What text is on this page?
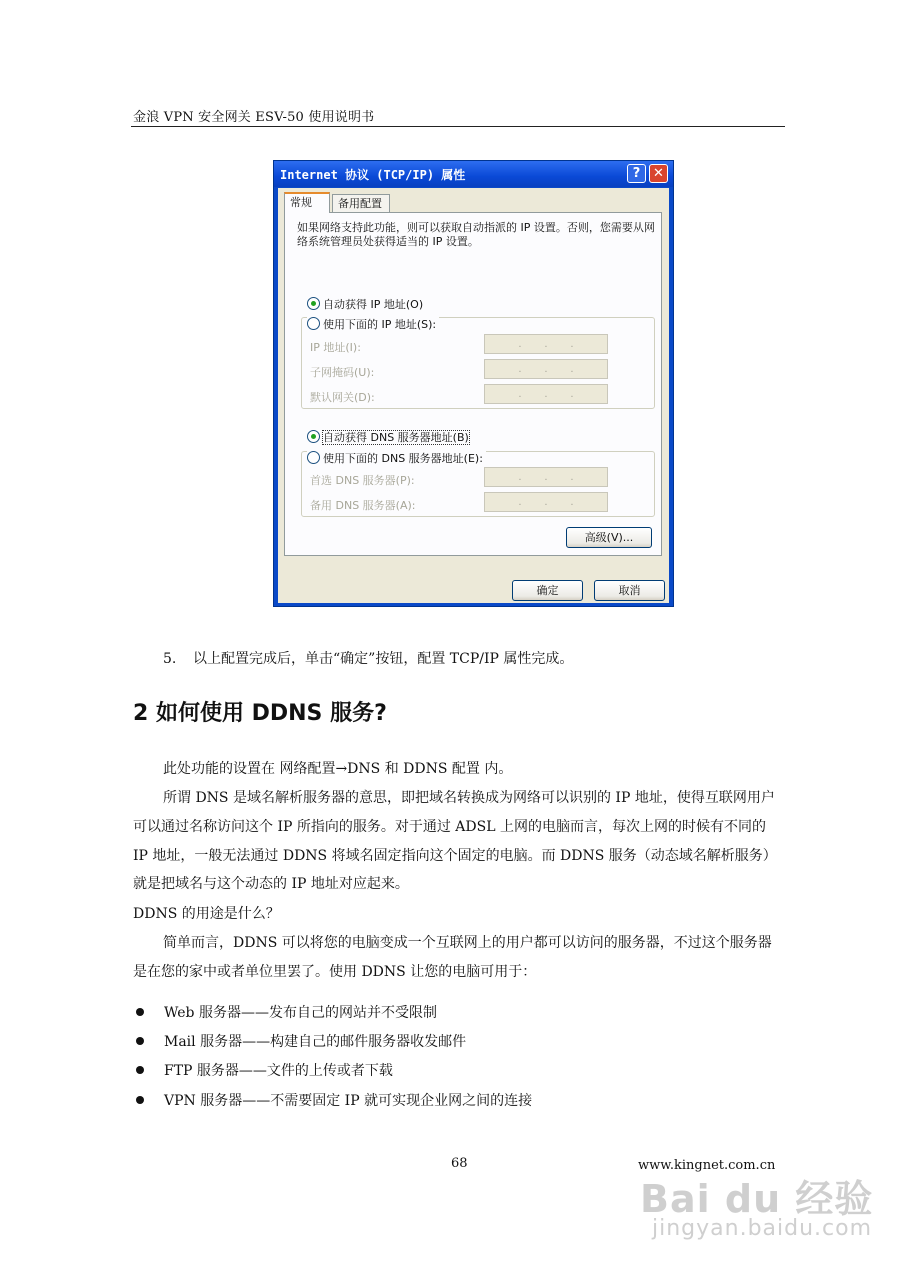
金浪 VPN 安全网关 ESV-50 使用说明书
Internet 协议 (TCP/IP) 属性	? ✕
常规	备用配置
如果网络支持此功能，则可以获取自动指派的 IP 设置。否则，您需要从网络系统管理员处获得适当的 IP 设置。
自动获得 IP 地址(O)
使用下面的 IP 地址(S):
IP 地址(I):	. . .
子网掩码(U):	. . .
默认网关(D):	. . .
自动获得 DNS 服务器地址(B)
使用下面的 DNS 服务器地址(E):
首选 DNS 服务器(P):	. . .
备用 DNS 服务器(A):	. . .
高级(V)...
确定	取消
5. 以上配置完成后，单击“确定”按钮，配置 TCP/IP 属性完成。
2 如何使用 DDNS 服务?
此处功能的设置在 网络配置→DNS 和 DDNS 配置 内。
所谓 DNS 是域名解析服务器的意思，即把域名转换成为网络可以识别的 IP 地址，使得互联网用户可以通过名称访问这个 IP 所指向的服务。对于通过 ADSL 上网的电脑而言，每次上网的时候有不同的 IP 地址，一般无法通过 DDNS 将域名固定指向这个固定的电脑。而 DDNS 服务（动态域名解析服务）就是把域名与这个动态的 IP 地址对应起来。
DDNS 的用途是什么？
简单而言，DDNS 可以将您的电脑变成一个互联网上的用户都可以访问的服务器，不过这个服务器是在您的家中或者单位里罢了。使用 DDNS 让您的电脑可用于：
Web 服务器——发布自己的网站并不受限制
Mail 服务器——构建自己的邮件服务器收发邮件
FTP 服务器——文件的上传或者下载
VPN 服务器——不需要固定 IP 就可实现企业网之间的连接
68	www.kingnet.com.cn
Bai du 经验
jingyan.baidu.com
